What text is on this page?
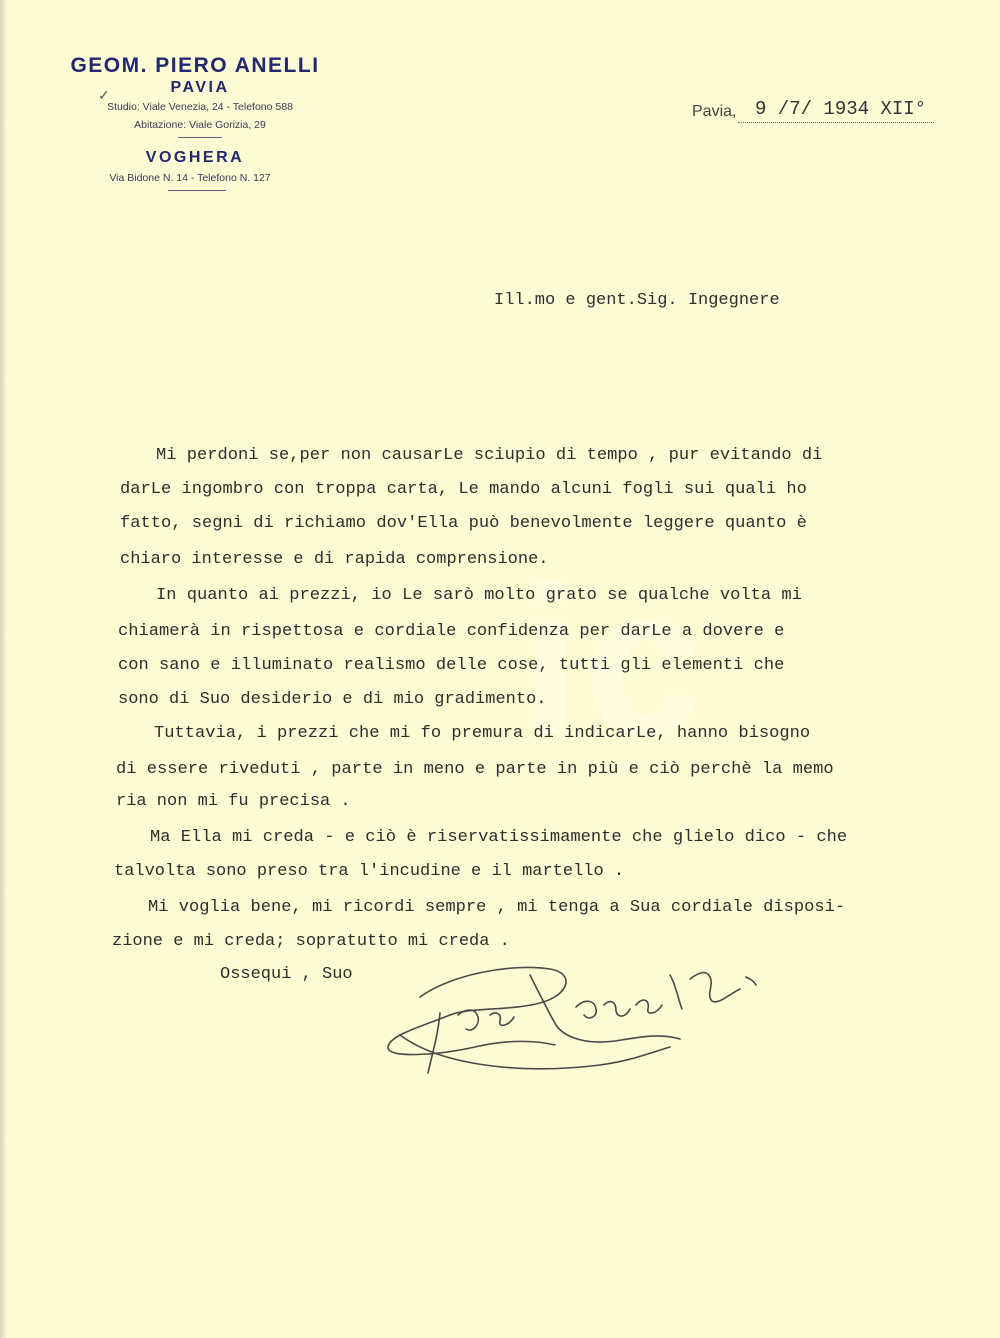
ic
GEOM. PIERO ANELLI
PAVIA
✓
Studio: Viale Venezia, 24 - Telefono 588
Abitazione: Viale Gorizia, 29
VOGHERA
Via Bidone N. 14 - Telefono N. 127
Pavia, 9 /7/ 1934 XII°
Ill.mo e gent.Sig. Ingegnere
Mi perdoni se,per non causarLe sciupio di tempo , pur evitando di
darLe ingombro con troppa carta, Le mando alcuni fogli sui quali ho
fatto, segni di richiamo dov'Ella può benevolmente leggere quanto è
chiaro interesse e di rapida comprensione.
In quanto ai prezzi, io Le sarò molto grato se qualche volta mi
chiamerà in rispettosa e cordiale confidenza per darLe a dovere e
con sano e illuminato realismo delle cose, tutti gli elementi che
sono di Suo desiderio e di mio gradimento.
Tuttavia, i prezzi che mi fo premura di indicarLe, hanno bisogno
di essere riveduti , parte in meno e parte in più e ciò perchè la memo
ria non mi fu precisa .
Ma Ella mi creda - e ciò è riservatissimamente che glielo dico - che
talvolta sono preso tra l'incudine e il martello .
Mi voglia bene, mi ricordi sempre , mi tenga a Sua cordiale disposi-
zione e mi creda; sopratutto mi creda .
Ossequi , Suo
